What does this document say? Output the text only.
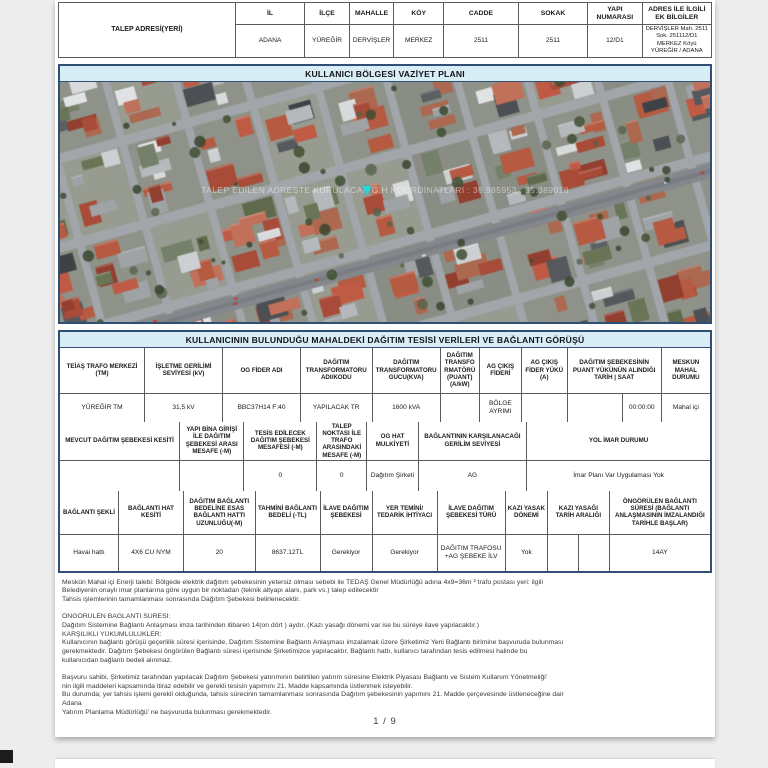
TALEP ADRESİ(YERİ)	İL	İLÇE	MAHALLE	KÖY	CADDE	SOKAK	YAPI NUMARASI	ADRES İLE İLGİLİ EK BİLGİLER
	ADANA	YÜREĞİR	DERVİŞLER	MERKEZ	2511	2511	12/D1	DERVİŞLER Mah. 2511 Sok. 251112/D1 MERKEZ Köyü YÜREĞİR / ADANA
KULLANICI BÖLGESİ VAZİYET PLANI
TALEP EDİLEN ADRESTE KURULACAK G.H KOORDİNATLARI : 36.985953 , 35.389018
KULLANICININ BULUNDUĞU MAHALDEKİ DAĞITIM TESİSİ VERİLERİ VE BAĞLANTI GÖRÜŞÜ
TEİAŞ TRAFO MERKEZİ (TM)	İŞLETME GERİLİMİ SEVİYESİ (kV)	OG FİDER ADI	DAĞITIM TRANSFORMATORU ADI/KODU	DAĞITIM TRANSFORMATORU GUCU(KVA)	DAĞITIM TRANSFORMATÖRÜ (PUANT) (A/kW)	AG ÇIKIŞ FİDERİ	AG ÇIKIŞ FİDER YÜKÜ (A)	DAĞITIM ŞEBEKESİNİN PUANT YÜKÜNÜN ALINDIĞI TARİH | SAAT		MESKUN MAHAL DURUMU
YÜREĞİR TM	31,5 kV	BBC37H14 F:40	YAPILACAK TR	1600 kVA		BÖLGE AYRIMI			00:00:00	Mahal içi
MEVCUT DAĞITIM ŞEBEKESİ KESİTİ	YAPI BİNA GİRİŞİ İLE DAĞITIM ŞEBEKESİ ARASI MESAFE (-M)	TESİS EDİLECEK DAĞITIM ŞEBEKESİ MESAFESİ (-M)	TALEP NOKTASI İLE TRAFO ARASINDAKİ MESAFE (-M)	OG HAT MULKİYETİ	BAĞLANTININ KARŞILANACAĞI GERİLİM SEVİYESİ	YOL İMAR DURUMU
		0	0	Dağıtım Şirketi	AG	İmar Planı Var Uygulaması Yok
BAĞLANTI ŞEKLİ	BAĞLANTI HAT KESİTİ	DAĞITIM BAĞLANTI BEDELİNE ESAS BAĞLANTI HATTI UZUNLUĞU(-M)	TAHMİNİ BAĞLANTI BEDELİ (-TL)	İLAVE DAĞITIM ŞEBEKESİ	YER TEMİNİ/ TEDARİK İHTİYACI	İLAVE DAĞITIM ŞEBEKESİ TÜRÜ	KAZI YASAK DÖNEMİ	KAZI YASAĞI TARİH ARALIĞI		ÖNGÖRÜLEN BAĞLANTI SÜRESİ (BAĞLANTI ANLAŞMASININ İMZALANDIĞI TARİHLE BAŞLAR)
Havai hattı	4X6 CU NYM	20	8637.12TL	Gerekiyor	Gerekiyor	DAĞITIM TRAFOSU +AG ŞEBEKE İLV	Yok			14AY
Meskûn Mahal içi Enerji talebi: Bölgede elektrik dağıtım şebekesinin yetersiz olması sebebi ile TEDAŞ Genel Müdürlüğü adına 4x9=36m ² trafo postası yeri: ilgili
Belediyenin onaylı imar planlarına göre uygun bir noktadan (teknik altyapı alanı, park vs.) talep edilecektir
Tahsis işlemlerinin tamamlanması sonrasında Dağıtım Şebekesi belirlenecektir.
ÖNGÖRÜLEN BAĞLANTI SÜRESİ:
Dağıtım Sistemine Bağlantı Anlaşması imza tarihinden itibaren 14(on dört ) aydır. (Kazı yasağı dönemi var ise bu süreye ilave yapılacaktır.)
KARŞILIKLI YÜKÜMLÜLÜKLER:
Kullanıcının bağlantı görüşü geçerlilik süresi içerisinde, Dağıtım Sistemine Bağlantı Anlaşması imzalamak üzere Şirketimiz Yeni Bağlantı birimine başvuruda bulunması
gerekmektedir. Dağıtım Şebekesi öngörülen Bağlantı süresi içerisinde Şirketimizce yapılacaktır. Bağlantı hattı, kullanıcı tarafından tesis edilmesi halinde bu
kullanıcıdan bağlantı bedeli alınmaz.
Başvuru sahibi, Şirketimiz tarafından yapılacak Dağıtım Şebekesi yatırımının belirtilen yatırım süresine Elektrik Piyasası Bağlantı ve Sistem Kullanım Yönetmeliği'
nin ilgili maddeleri kapsamında itiraz edebilir ve gerekli tesisin yapımını 21. Madde kapsamında üstlenmek isteyebilir.
Bu durumda; yer tahsis işlemi gerekli olduğunda, tahsis sürecinin tamamlanması sonrasında Dağıtım şebekesinin yapımını 21. Madde çerçevesinde üstleneceğine dair
Adana
Yatırım Planlama Müdürlüğü' ne başvuruda bulunması gerekmektedir.
1 / 9
